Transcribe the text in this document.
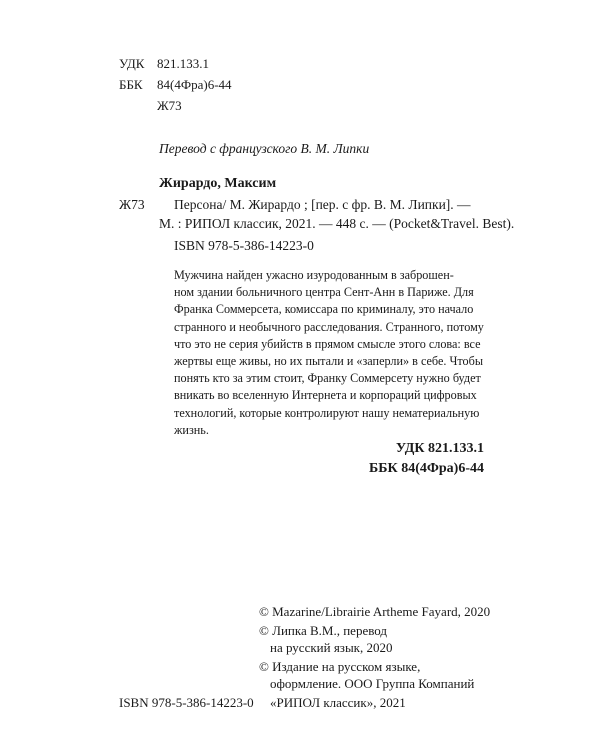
УДК 821.133.1
ББК 84(4Фра)6-44
Ж73
Перевод с французского В. М. Липки
Жирардо, Максим
Ж73 Персона/ М. Жирардо ; [пер. с фр. В. М. Липки]. —
М. : РИПОЛ классик, 2021. — 448 с. — (Pocket&Travel. Best).
ISBN 978-5-386-14223-0
Мужчина найден ужасно изуродованным в заброшен-
ном здании больничного центра Сент-Анн в Париже. Для
Франка Соммерсета, комиссара по криминалу, это начало
странного и необычного расследования. Странного, потому
что это не серия убийств в прямом смысле этого слова: все
жертвы еще живы, но их пытали и «заперли» в себе. Чтобы
понять кто за этим стоит, Франку Соммерсету нужно будет
вникать во вселенную Интернета и корпораций цифровых
технологий, которые контролируют нашу нематериальную
жизнь.
УДК 821.133.1
ББК 84(4Фра)6-44
© Mazarine/Librairie Artheme Fayard, 2020
© Липка В.М., перевод
на русский язык, 2020
© Издание на русском языке,
оформление. ООО Группа Компаний
«РИПОЛ классик», 2021
ISBN 978-5-386-14223-0
